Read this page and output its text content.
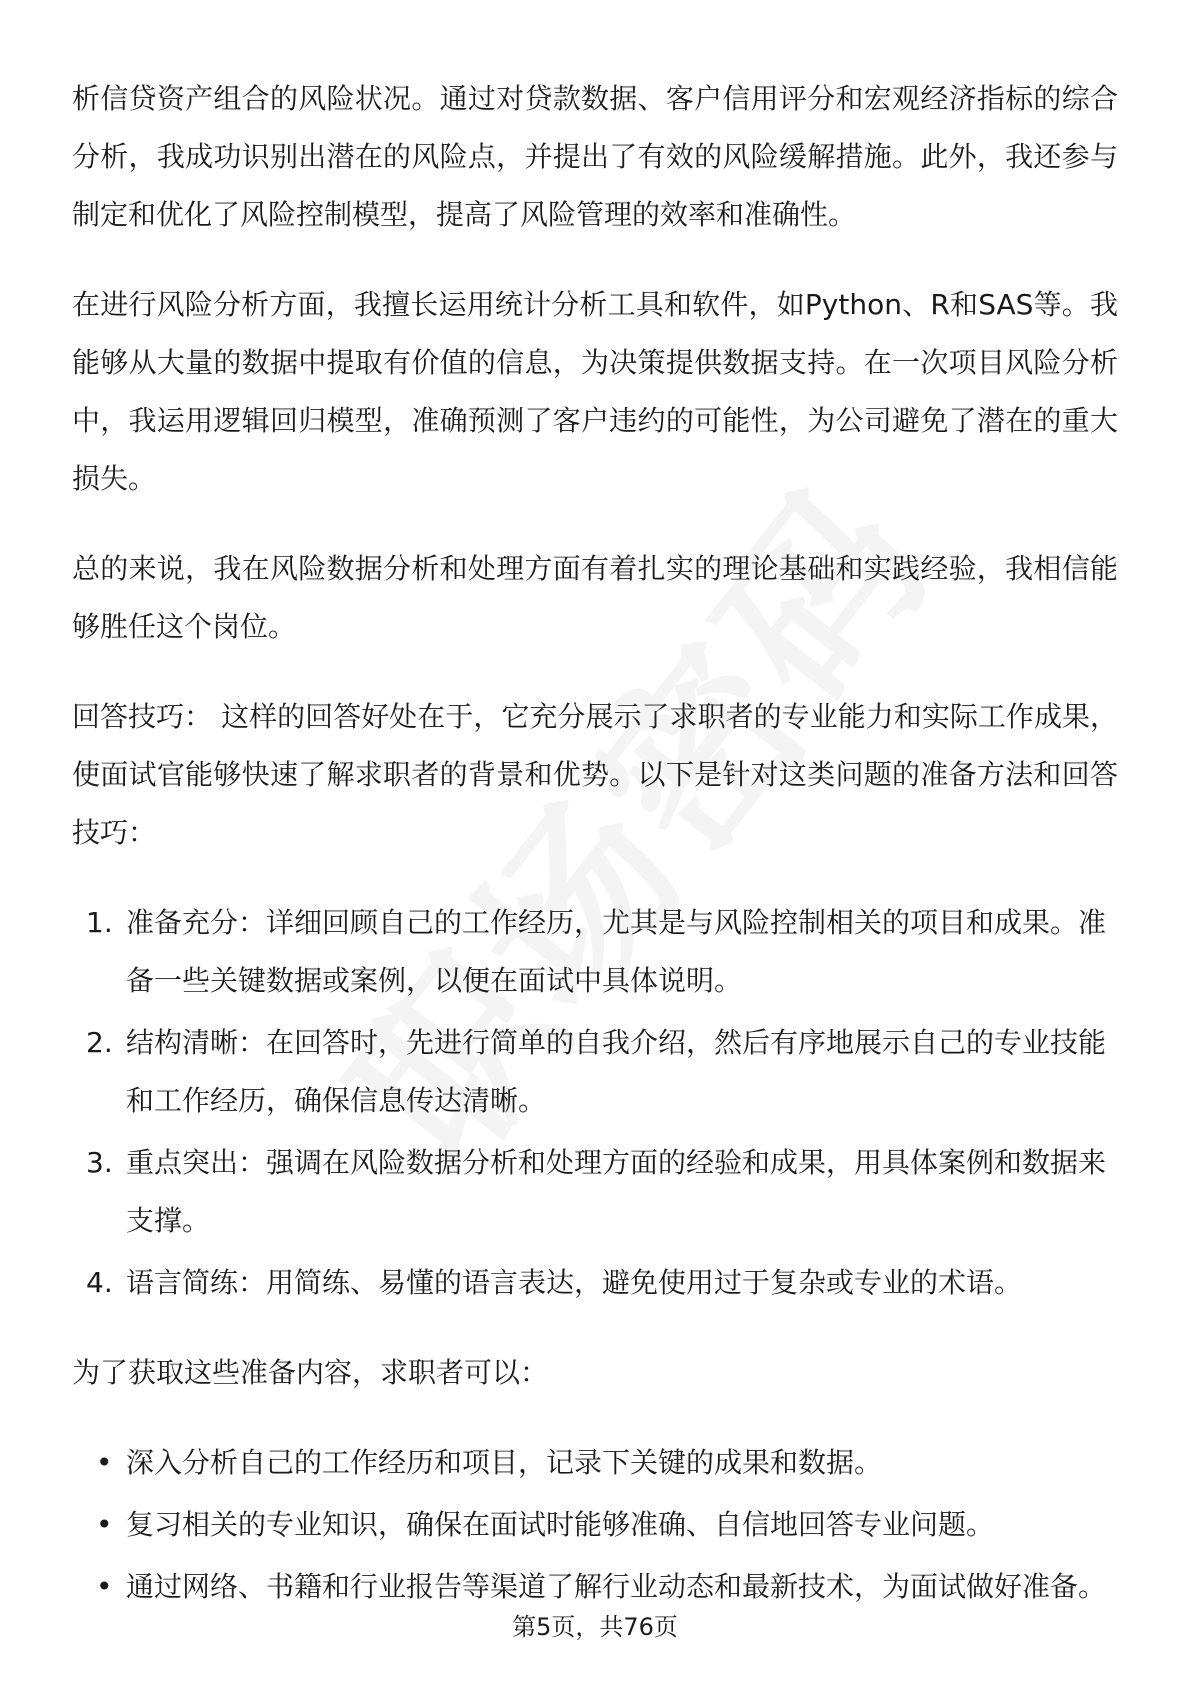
析信贷资产组合的风险状况。通过对贷款数据、客户信用评分和宏观经济指标的综合分析，我成功识别出潜在的风险点，并提出了有效的风险缓解措施。此外，我还参与制定和优化了风险控制模型，提高了风险管理的效率和准确性。

在进行风险分析方面，我擅长运用统计分析工具和软件，如Python、R和SAS等。我能够从大量的数据中提取有价值的信息，为决策提供数据支持。在一次项目风险分析中，我运用逻辑回归模型，准确预测了客户违约的可能性，为公司避免了潜在的重大损失。

总的来说，我在风险数据分析和处理方面有着扎实的理论基础和实践经验，我相信能够胜任这个岗位。

回答技巧： 这样的回答好处在于，它充分展示了求职者的专业能力和实际工作成果，使面试官能够快速了解求职者的背景和优势。以下是针对这类问题的准备方法和回答技巧：

1. 准备充分：详细回顾自己的工作经历，尤其是与风险控制相关的项目和成果。准备一些关键数据或案例，以便在面试中具体说明。
2. 结构清晰：在回答时，先进行简单的自我介绍，然后有序地展示自己的专业技能和工作经历，确保信息传达清晰。
3. 重点突出：强调在风险数据分析和处理方面的经验和成果，用具体案例和数据来支撑。
4. 语言简练：用简练、易懂的语言表达，避免使用过于复杂或专业的术语。

为了获取这些准备内容，求职者可以：

• 深入分析自己的工作经历和项目，记录下关键的成果和数据。
• 复习相关的专业知识，确保在面试时能够准确、自信地回答专业问题。
• 通过网络、书籍和行业报告等渠道了解行业动态和最新技术，为面试做好准备。
第5页，共76页
